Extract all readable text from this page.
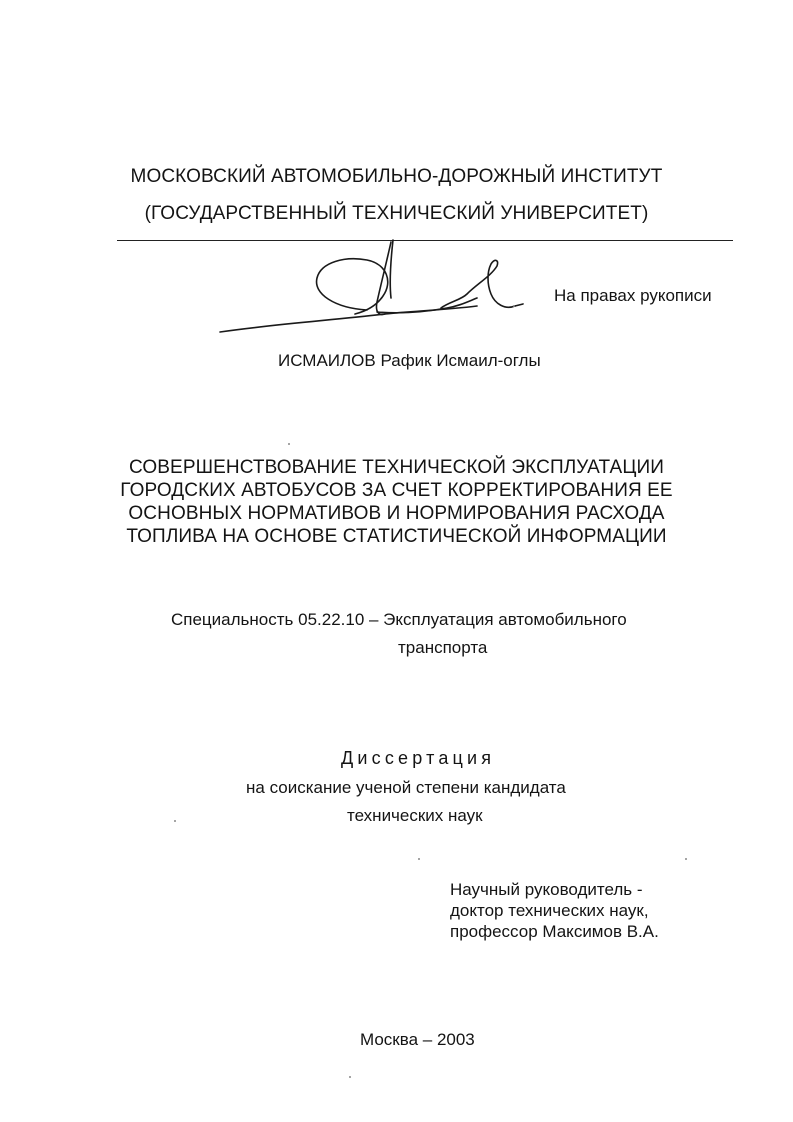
МОСКОВСКИЙ АВТОМОБИЛЬНО-ДОРОЖНЫЙ ИНСТИТУТ
(ГОСУДАРСТВЕННЫЙ ТЕХНИЧЕСКИЙ УНИВЕРСИТЕТ)
На правах рукописи
ИСМАИЛОВ Рафик Исмаил-оглы
СОВЕРШЕНСТВОВАНИЕ ТЕХНИЧЕСКОЙ ЭКСПЛУАТАЦИИ
ГОРОДСКИХ АВТОБУСОВ ЗА СЧЕТ КОРРЕКТИРОВАНИЯ ЕЕ
ОСНОВНЫХ НОРМАТИВОВ И НОРМИРОВАНИЯ РАСХОДА
ТОПЛИВА НА ОСНОВЕ СТАТИСТИЧЕСКОЙ ИНФОРМАЦИИ
Специальность 05.22.10 – Эксплуатация автомобильного
транспорта
Диссертация
на соискание ученой степени кандидата
технических наук
Научный руководитель -
доктор технических наук,
профессор Максимов В.А.
Москва – 2003
